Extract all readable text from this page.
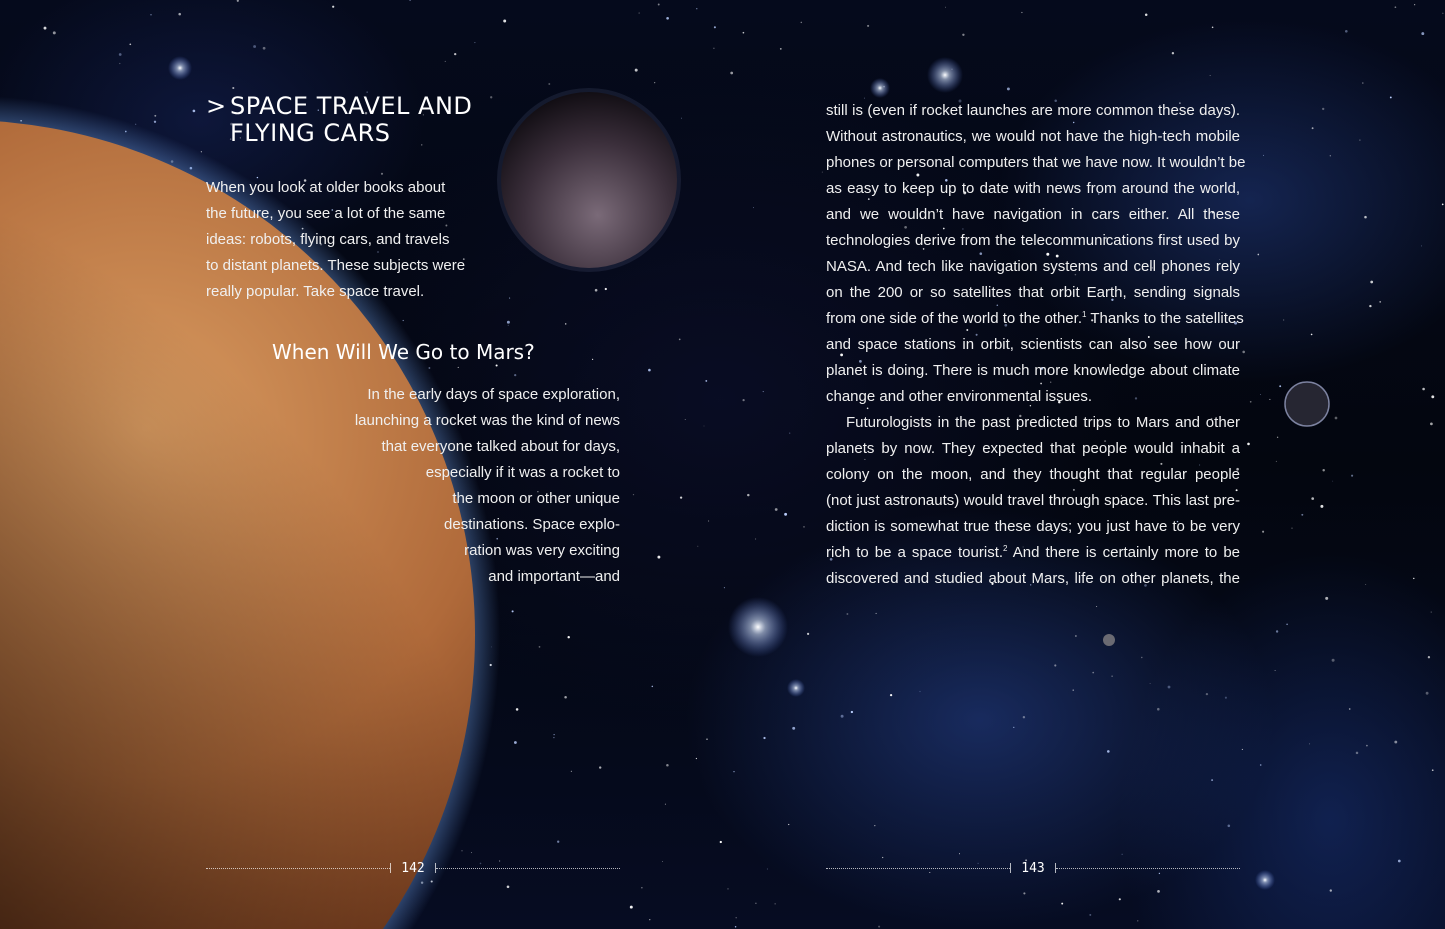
> SPACE TRAVEL AND
FLYING CARS

When you look at older books about
the future, you see a lot of the same
ideas: robots, flying cars, and travels
to distant planets. These subjects were
really popular. Take space travel.

When Will We Go to Mars?

In the early days of space exploration,
launching a rocket was the kind of news
that everyone talked about for days,
especially if it was a rocket to
the moon or other unique
destinations. Space explo-
ration was very exciting
and important—and

still is (even if rocket launches are more common these days).
Without astronautics, we would not have the high-tech mobile
phones or personal computers that we have now. It wouldn’t be
as easy to keep up to date with news from around the world,
and we wouldn’t have navigation in cars either. All these
technologies derive from the telecommunications first used by
NASA. And tech like navigation systems and cell phones rely
on the 200 or so satellites that orbit Earth, sending signals
from one side of the world to the other.$^1$ Thanks to the satellites
and space stations in orbit, scientists can also see how our
planet is doing. There is much more knowledge about climate
change and other environmental issues.
Futurologists in the past predicted trips to Mars and other
planets by now. They expected that people would inhabit a
colony on the moon, and they thought that regular people
(not just astronauts) would travel through space. This last pre-
diction is somewhat true these days; you just have to be very
rich to be a space tourist.$^2$ And there is certainly more to be
discovered and studied about Mars, life on other planets, the
142	143
